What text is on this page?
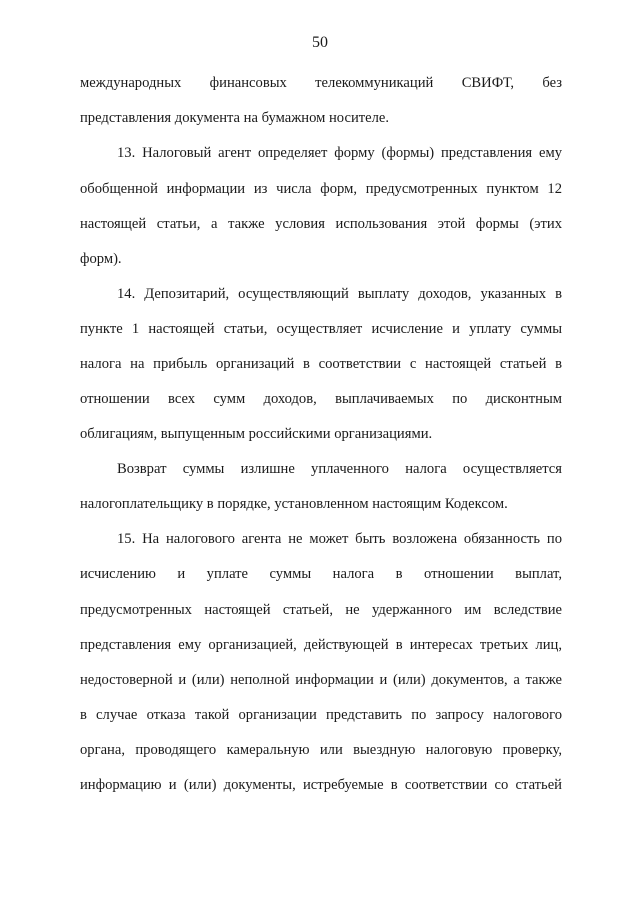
50
международных финансовых телекоммуникаций СВИФТ, без
представления документа на бумажном носителе.
13. Налоговый агент определяет форму (формы) представления ему
обобщенной информации из числа форм, предусмотренных пунктом 12
настоящей статьи, а также условия использования этой формы (этих
форм).
14. Депозитарий, осуществляющий выплату доходов, указанных в
пункте 1 настоящей статьи, осуществляет исчисление и уплату суммы
налога на прибыль организаций в соответствии с настоящей статьей в
отношении всех сумм доходов, выплачиваемых по дисконтным
облигациям, выпущенным российскими организациями.
Возврат суммы излишне уплаченного налога осуществляется
налогоплательщику в порядке, установленном настоящим Кодексом.
15. На налогового агента не может быть возложена обязанность по
исчислению и уплате суммы налога в отношении выплат,
предусмотренных настоящей статьей, не удержанного им вследствие
представления ему организацией, действующей в интересах третьих лиц,
недостоверной и (или) неполной информации и (или) документов, а также
в случае отказа такой организации представить по запросу налогового
органа, проводящего камеральную или выездную налоговую проверку,
информацию и (или) документы, истребуемые в соответствии со статьей
